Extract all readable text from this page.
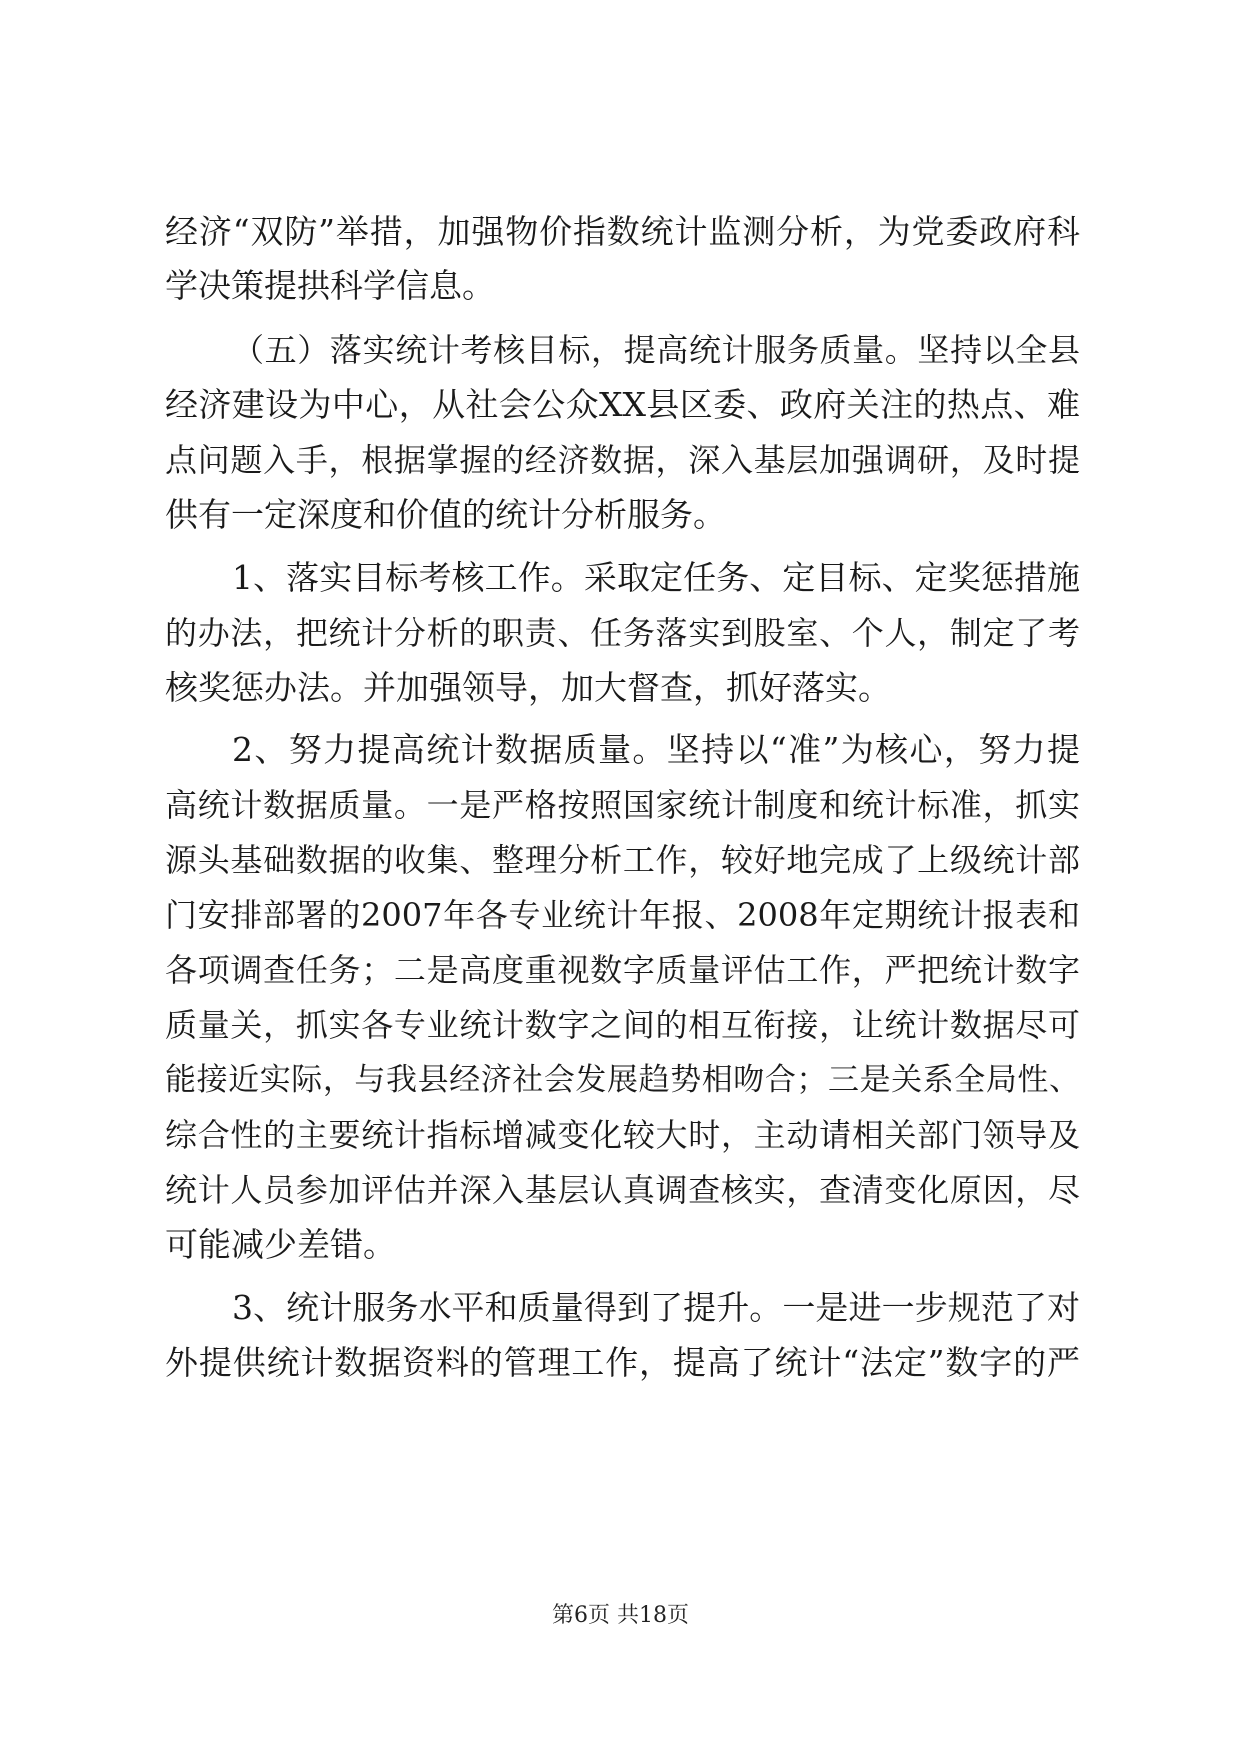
经济“双防”举措，加强物价指数统计监测分析，为党委政府科
学决策提拱科学信息。
（五）落实统计考核目标，提高统计服务质量。坚持以全县
经济建设为中心，从社会公众XX县区委、政府关注的热点、难
点问题入手，根据掌握的经济数据，深入基层加强调研，及时提
供有一定深度和价值的统计分析服务。
1、落实目标考核工作。采取定任务、定目标、定奖惩措施
的办法，把统计分析的职责、任务落实到股室、个人，制定了考
核奖惩办法。并加强领导，加大督查，抓好落实。
2、努力提高统计数据质量。坚持以“准”为核心，努力提
高统计数据质量。一是严格按照国家统计制度和统计标准，抓实
源头基础数据的收集、整理分析工作，较好地完成了上级统计部
门安排部署的2007年各专业统计年报、2008年定期统计报表和
各项调查任务；二是高度重视数字质量评估工作，严把统计数字
质量关，抓实各专业统计数字之间的相互衔接，让统计数据尽可
能接近实际，与我县经济社会发展趋势相吻合；三是关系全局性、
综合性的主要统计指标增减变化较大时，主动请相关部门领导及
统计人员参加评估并深入基层认真调查核实，查清变化原因，尽
可能减少差错。
3、统计服务水平和质量得到了提升。一是进一步规范了对
外提供统计数据资料的管理工作，提高了统计“法定”数字的严
第6页 共18页
